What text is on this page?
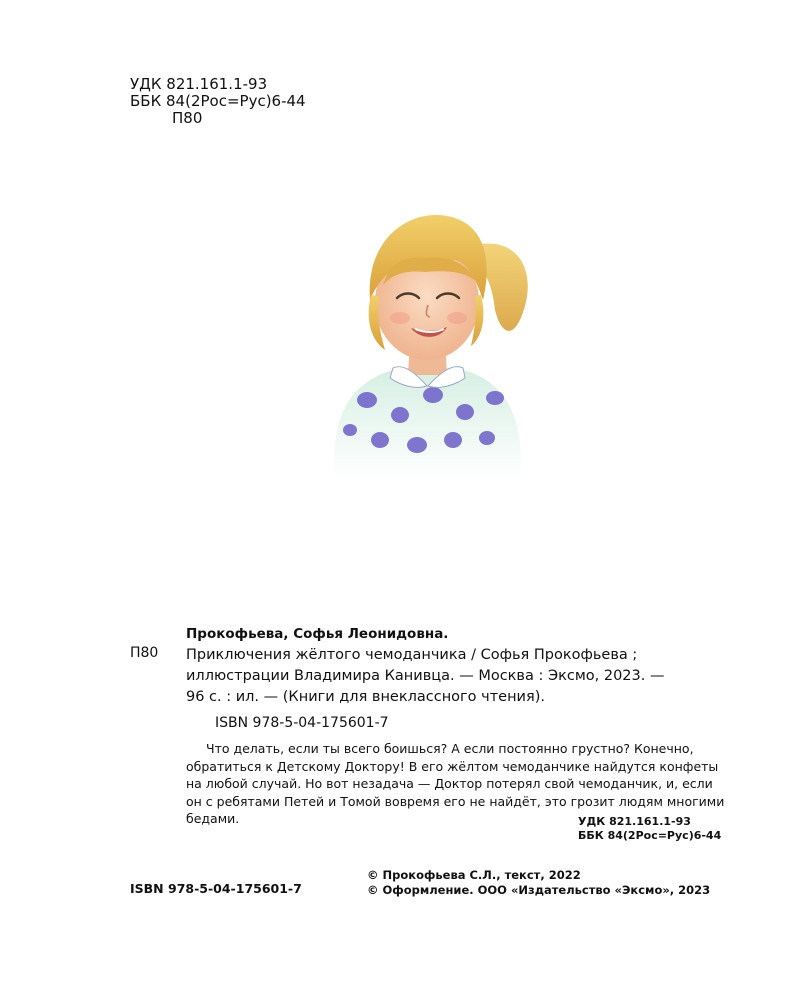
УДК 821.161.1-93
ББК 84(2Рос=Рус)6-44
П80
Прокофьева, Софья Леонидовна.
П80 Приключения жёлтого чемоданчика / Софья Прокофьева ;
иллюстрации Владимира Канивца. — Москва : Эксмо, 2023. —
96 с. : ил. — (Книги для внеклассного чтения).
ISBN 978-5-04-175601-7
Что делать, если ты всего боишься? А если постоянно грустно? Конечно, обратиться к Детскому Доктору! В его жёлтом чемоданчике найдутся конфеты на любой случай. Но вот незадача — Доктор потерял свой чемоданчик, и, если он с ребятами Петей и Томой вовремя его не найдёт, это грозит людям многими бедами.	УДК 821.161.1-93
ББК 84(2Рос=Рус)6-44
ISBN 978-5-04-175601-7
© Прокофьева С.Л., текст, 2022
© Оформление. ООО «Издательство «Эксмо», 2023
